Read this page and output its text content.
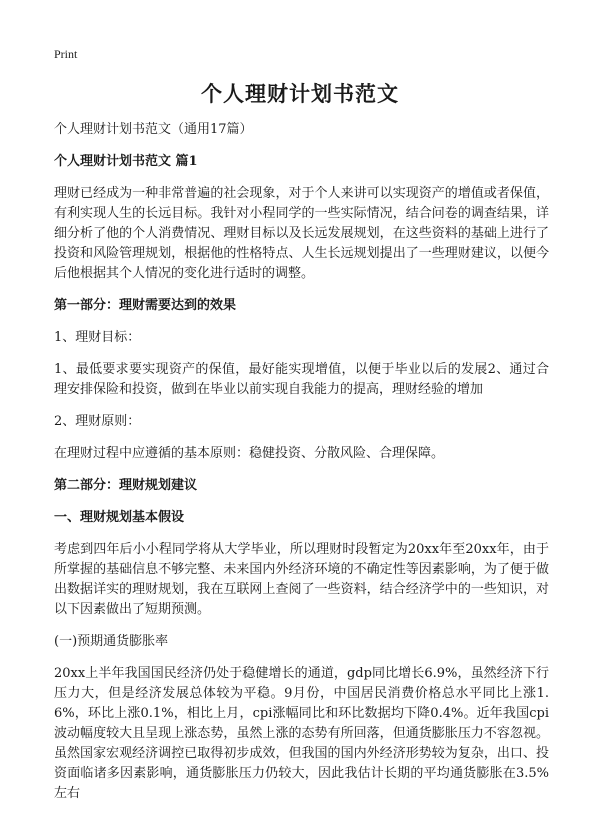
Print
个人理财计划书范文
个人理财计划书范文（通用17篇）
个人理财计划书范文 篇1
理财已经成为一种非常普遍的社会现象，对于个人来讲可以实现资产的增值或者保值，有利实现人生的长远目标。我针对小程同学的一些实际情况，结合问卷的调查结果，详细分析了他的个人消费情况、理财目标以及长远发展规划，在这些资料的基础上进行了投资和风险管理规划，根据他的性格特点、人生长远规划提出了一些理财建议，以便今后他根据其个人情况的变化进行适时的调整。
第一部分：理财需要达到的效果
1、理财目标：
1、最低要求要实现资产的保值，最好能实现增值，以便于毕业以后的发展2、通过合理安排保险和投资，做到在毕业以前实现自我能力的提高，理财经验的增加
2、理财原则：
在理财过程中应遵循的基本原则：稳健投资、分散风险、合理保障。
第二部分：理财规划建议
一、理财规划基本假设
考虑到四年后小小程同学将从大学毕业，所以理财时段暂定为20xx年至20xx年，由于所掌握的基础信息不够完整、未来国内外经济环境的不确定性等因素影响，为了便于做出数据详实的理财规划，我在互联网上查阅了一些资料，结合经济学中的一些知识，对以下因素做出了短期预测。
(一)预期通货膨胀率
20xx上半年我国国民经济仍处于稳健增长的通道，gdp同比增长6.9%，虽然经济下行压力大，但是经济发展总体较为平稳。9月份，中国居民消费价格总水平同比上涨1.6%，环比上涨0.1%，相比上月，cpi涨幅同比和环比数据均下降0.4%。近年我国cpi波动幅度较大且呈现上涨态势，虽然上涨的态势有所回落，但通货膨胀压力不容忽视。虽然国家宏观经济调控已取得初步成效，但我国的国内外经济形势较为复杂，出口、投资面临诸多因素影响，通货膨胀压力仍较大，因此我估计长期的平均通货膨胀在3.5%左右
